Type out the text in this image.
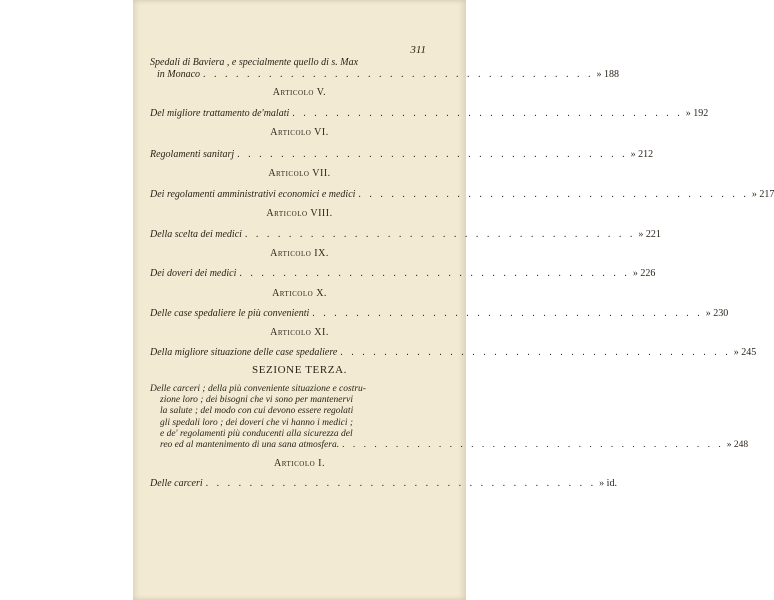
311
Spedali di Baviera , e specialmente quello di s. Max
in Monaco . . . . . . . . . . . . . . . . . . . . . . . . . . . . . . . . . . . . » 188
Articolo V.
Del migliore trattamento de'malati . . . . . . . . . . . . . . . . . . . . . . . . . . . . . . . . . . . . » 192
Articolo VI.
Regolamenti sanitarj . . . . . . . . . . . . . . . . . . . . . . . . . . . . . . . . . . . . » 212
Articolo VII.
Dei regolamenti amministrativi economici e medici . . . . . . . . . . . . . . . . . . . . . . . . . . . . . . . . . . . . » 217
Articolo VIII.
Della scelta dei medici . . . . . . . . . . . . . . . . . . . . . . . . . . . . . . . . . . . . » 221
Articolo IX.
Dei doveri dei medici . . . . . . . . . . . . . . . . . . . . . . . . . . . . . . . . . . . . » 226
Articolo X.
Delle case spedaliere le più convenienti . . . . . . . . . . . . . . . . . . . . . . . . . . . . . . . . . . . . » 230
Articolo XI.
Della migliore situazione delle case spedaliere . . . . . . . . . . . . . . . . . . . . . . . . . . . . . . . . . . . . » 245
SEZIONE TERZA.
Delle carceri ; della più conveniente situazione e costru-
zione loro ; dei bisogni che vi sono per mantenervi
la salute ; del modo con cui devono essere regolati
gli spedali loro ; dei doveri che vi hanno i medici ;
e de' regolamenti più conducenti alla sicurezza del
reo ed al mantenimento di una sana atmosfera. . . . . . . . . . . . . . . . . . . . . . . . . . . . . . . . . . . . . » 248
Articolo I.
Delle carceri . . . . . . . . . . . . . . . . . . . . . . . . . . . . . . . . . . . . » id.
